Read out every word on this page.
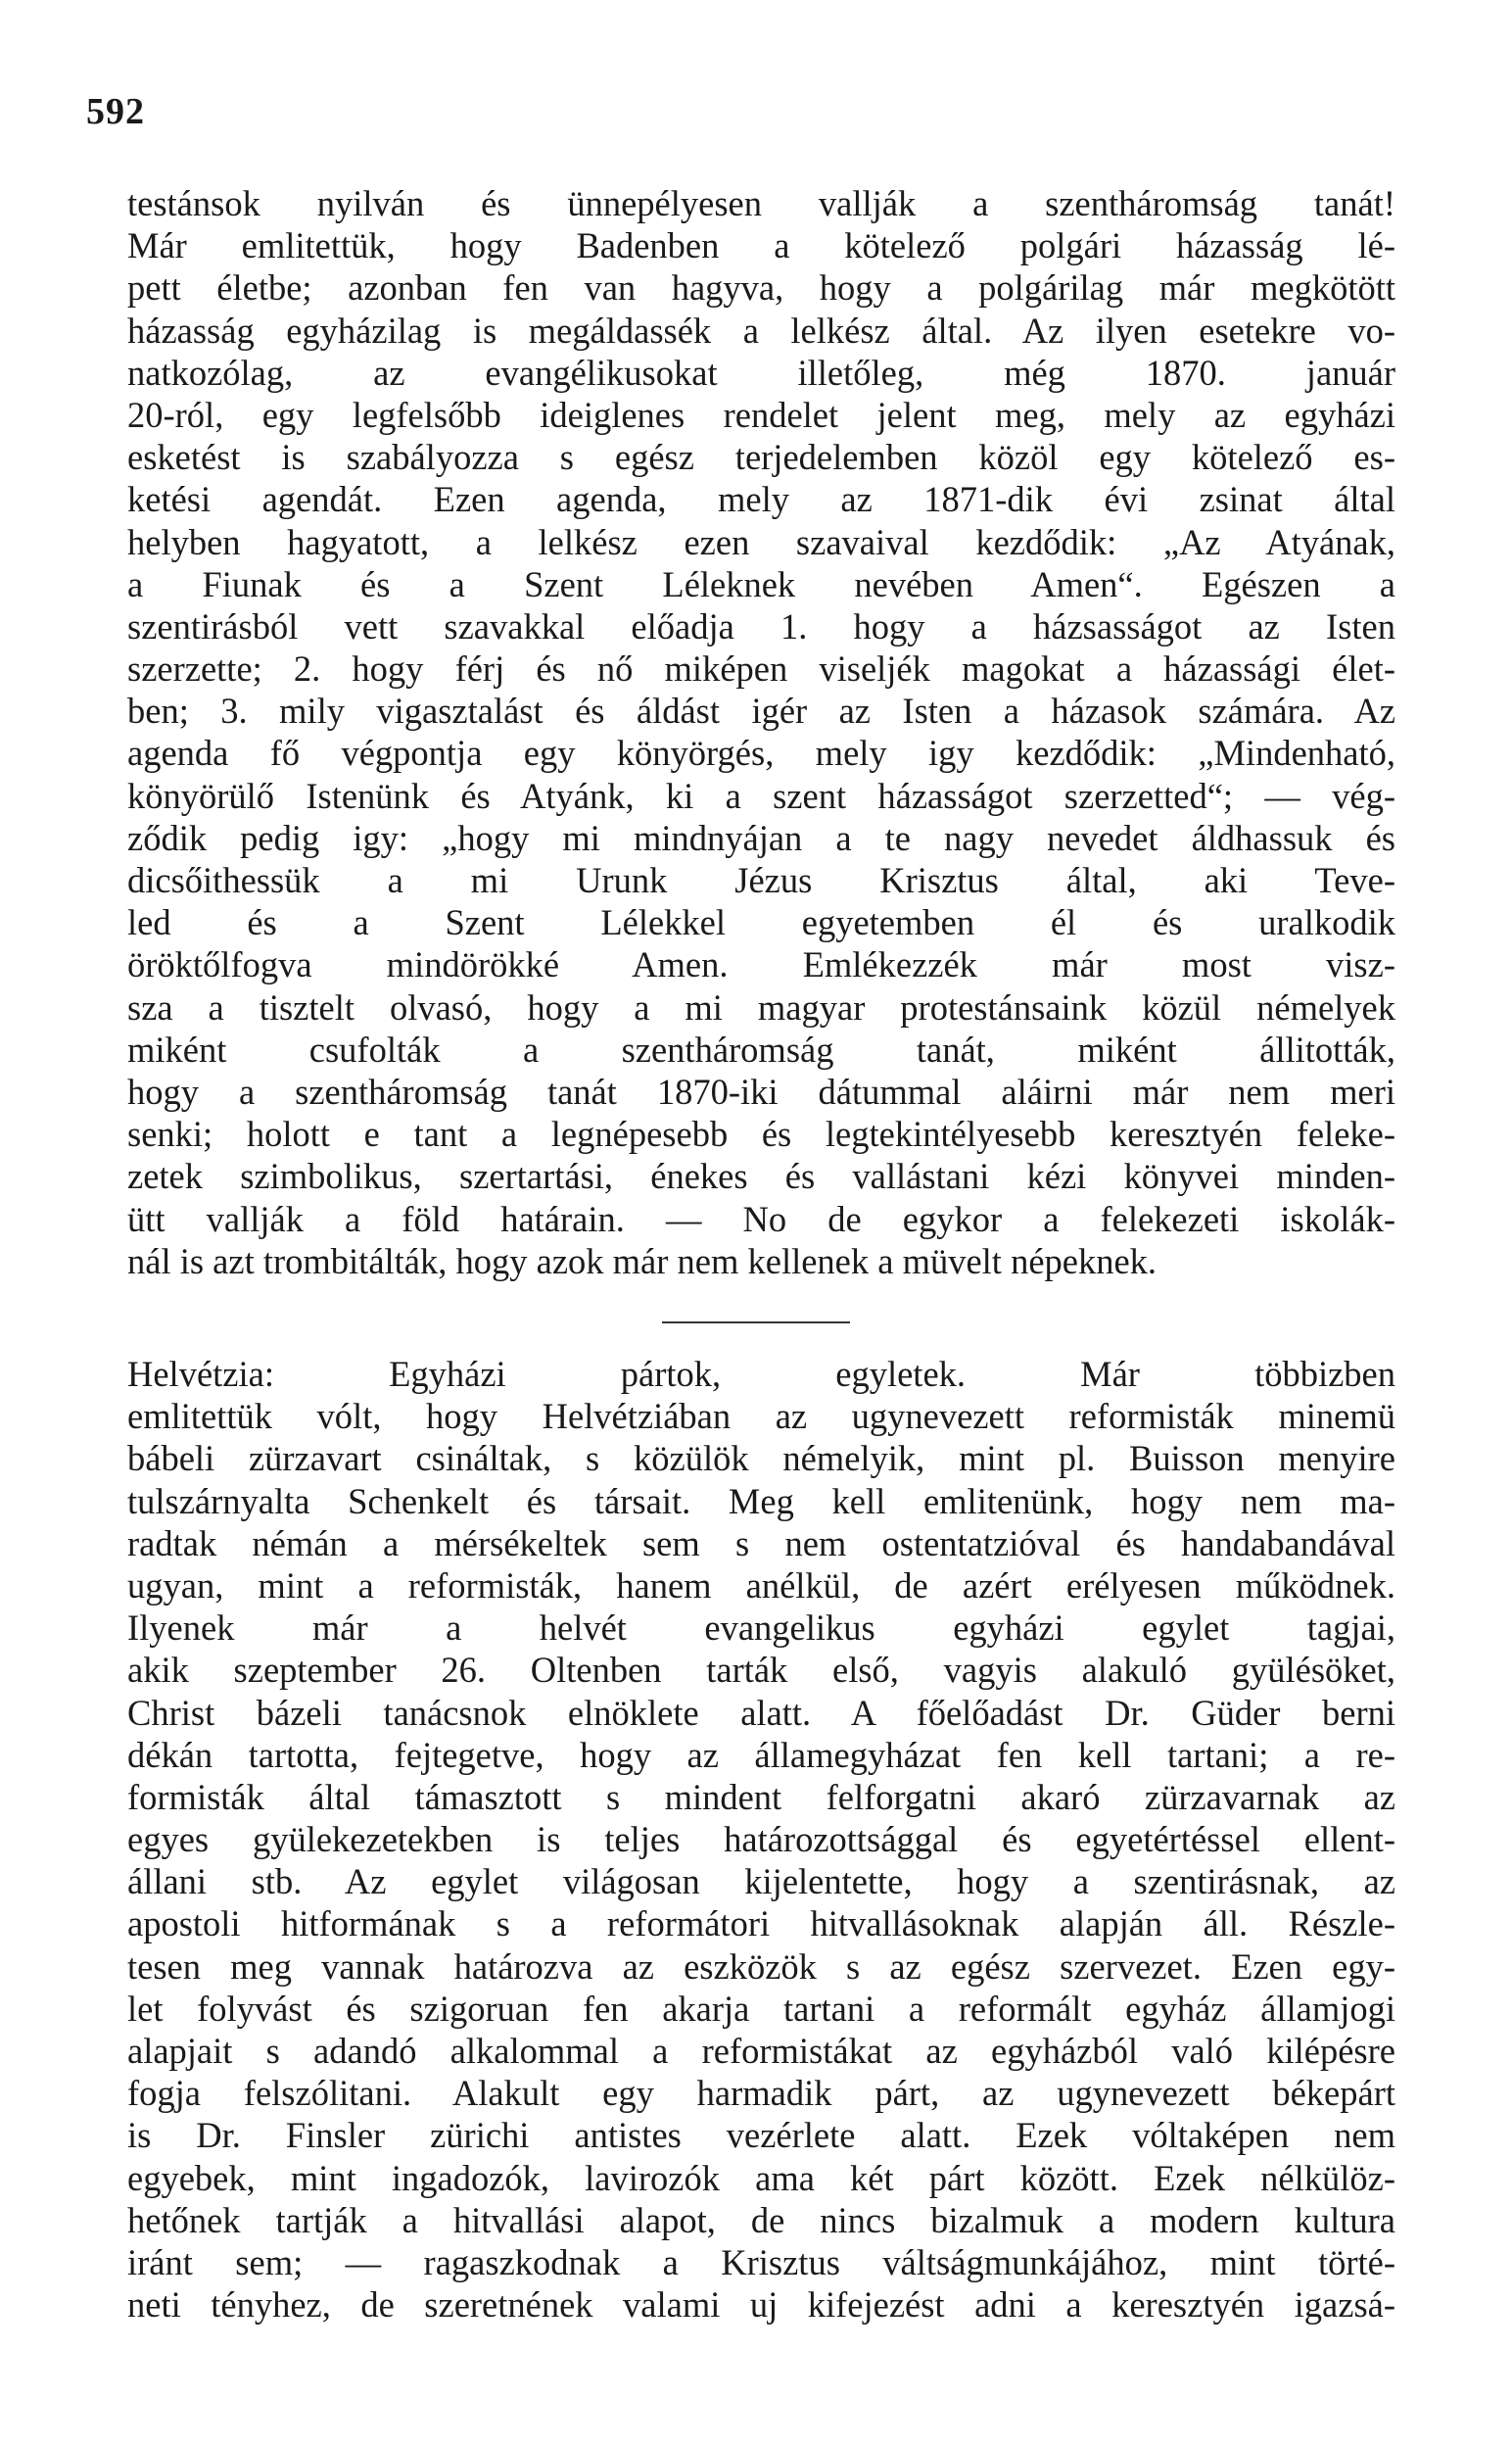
592
testánsok nyilván és ünnepélyesen vallják a szentháromság tanát!
Már emlitettük, hogy Badenben a kötelező polgári házasság lé-
pett életbe; azonban fen van hagyva, hogy a polgárilag már megkötött
házasság egyházilag is megáldassék a lelkész által. Az ilyen esetekre vo-
natkozólag, az evangélikusokat illetőleg, még 1870. január
20-ról, egy legfelsőbb ideiglenes rendelet jelent meg, mely az egyházi
esketést is szabályozza s egész terjedelemben közöl egy kötelező es-
ketési agendát. Ezen agenda, mely az 1871-dik évi zsinat által
helyben hagyatott, a lelkész ezen szavaival kezdődik: „Az Atyának,
a Fiunak és a Szent Léleknek nevében Amen“. Egészen a
szentirásból vett szavakkal előadja 1. hogy a házsasságot az Isten
szerzette; 2. hogy férj és nő miképen viseljék magokat a házassági élet-
ben; 3. mily vigasztalást és áldást igér az Isten a házasok számára. Az
agenda fő végpontja egy könyörgés, mely igy kezdődik: „Mindenható,
könyörülő Istenünk és Atyánk, ki a szent házasságot szerzetted“; — vég-
ződik pedig igy: „hogy mi mindnyájan a te nagy nevedet áldhassuk és
dicsőithessük a mi Urunk Jézus Krisztus által, aki Teve-
led és a Szent Lélekkel egyetemben él és uralkodik
öröktőlfogva mindörökké Amen. Emlékezzék már most visz-
sza a tisztelt olvasó, hogy a mi magyar protestánsaink közül némelyek
miként csufolták a szentháromság tanát, miként állitották,
hogy a szentháromság tanát 1870-iki dátummal aláirni már nem meri
senki; holott e tant a legnépesebb és legtekintélyesebb keresztyén feleke-
zetek szimbolikus, szertartási, énekes és vallástani kézi könyvei minden-
ütt vallják a föld határain. — No de egykor a felekezeti iskolák-
nál is azt trombitálták, hogy azok már nem kellenek a müvelt népeknek.
Helvétzia: Egyházi pártok, egyletek. Már többizben
emlitettük vólt, hogy Helvétziában az ugynevezett reformisták minemü
bábeli zürzavart csináltak, s közülök némelyik, mint pl. Buisson menyire
tulszárnyalta Schenkelt és társait. Meg kell emlitenünk, hogy nem ma-
radtak némán a mérsékeltek sem s nem ostentatzióval és handabandával
ugyan, mint a reformisták, hanem anélkül, de azért erélyesen működnek.
Ilyenek már a helvét evangelikus egyházi egylet tagjai,
akik szeptember 26. Oltenben tarták első, vagyis alakuló gyülésöket,
Christ bázeli tanácsnok elnöklete alatt. A főelőadást Dr. Güder berni
dékán tartotta, fejtegetve, hogy az államegyházat fen kell tartani; a re-
formisták által támasztott s mindent felforgatni akaró zürzavarnak az
egyes gyülekezetekben is teljes határozottsággal és egyetértéssel ellent-
állani stb. Az egylet világosan kijelentette, hogy a szentirásnak, az
apostoli hitformának s a reformátori hitvallásoknak alapján áll. Részle-
tesen meg vannak határozva az eszközök s az egész szervezet. Ezen egy-
let folyvást és szigoruan fen akarja tartani a reformált egyház államjogi
alapjait s adandó alkalommal a reformistákat az egyházból való kilépésre
fogja felszólitani. Alakult egy harmadik párt, az ugynevezett békepárt
is Dr. Finsler zürichi antistes vezérlete alatt. Ezek vóltaképen nem
egyebek, mint ingadozók, lavirozók ama két párt között. Ezek nélkülöz-
hetőnek tartják a hitvallási alapot, de nincs bizalmuk a modern kultura
iránt sem; — ragaszkodnak a Krisztus váltságmunkájához, mint törté-
neti tényhez, de szeretnének valami uj kifejezést adni a keresztyén igazsá-
